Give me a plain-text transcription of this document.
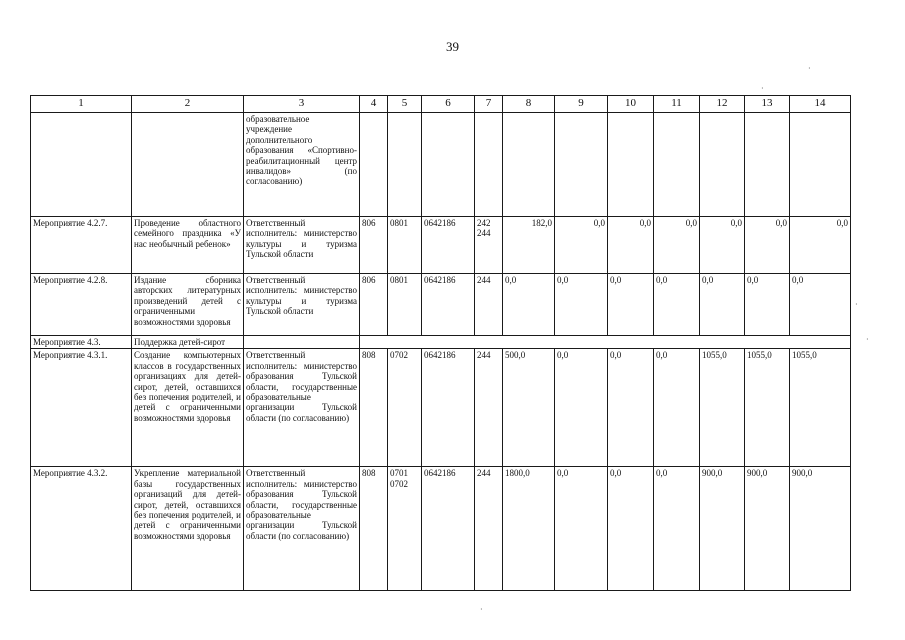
39
1	2	3	4	5	6	7	8	9	10	11	12	13	14
		образовательное учреждение дополнительного образования «Спортивно-реабилитационный центр инвалидов» (по согласованию)											
Мероприятие 4.2.7.	Проведение областного семейного праздника «У нас необычный ребенок»	Ответственный исполнитель: министерство культуры и туризма Тульской области	806	0801	0642186	242 244	182,0	0,0	0,0	0,0	0,0	0,0	0,0
Мероприятие 4.2.8.	Издание сборника авторских литературных произведений детей с ограниченными возможностями здоровья	Ответственный исполнитель: министерство культуры и туризма Тульской области	806	0801	0642186	244	0,0	0,0	0,0	0,0	0,0	0,0	0,0
Мероприятие 4.3.	Поддержка детей-сирот												
Мероприятие 4.3.1.	Создание компьютерных классов в государственных организациях для детей-сирот, детей, оставшихся без попечения родителей, и детей с ограниченными возможностями здоровья	Ответственный исполнитель: министерство образования Тульской области, государственные образовательные организации Тульской области (по согласованию)	808	0702	0642186	244	500,0	0,0	0,0	0,0	1055,0	1055,0	1055,0
Мероприятие 4.3.2.	Укрепление материальной базы государственных организаций для детей-сирот, детей, оставшихся без попечения родителей, и детей с ограниченными возможностями здоровья	Ответственный исполнитель: министерство образования Тульской области, государственные образовательные организации Тульской области (по согласованию)	808	0701 0702	0642186	244	1800,0	0,0	0,0	0,0	900,0	900,0	900,0
·
·
·
·
·
